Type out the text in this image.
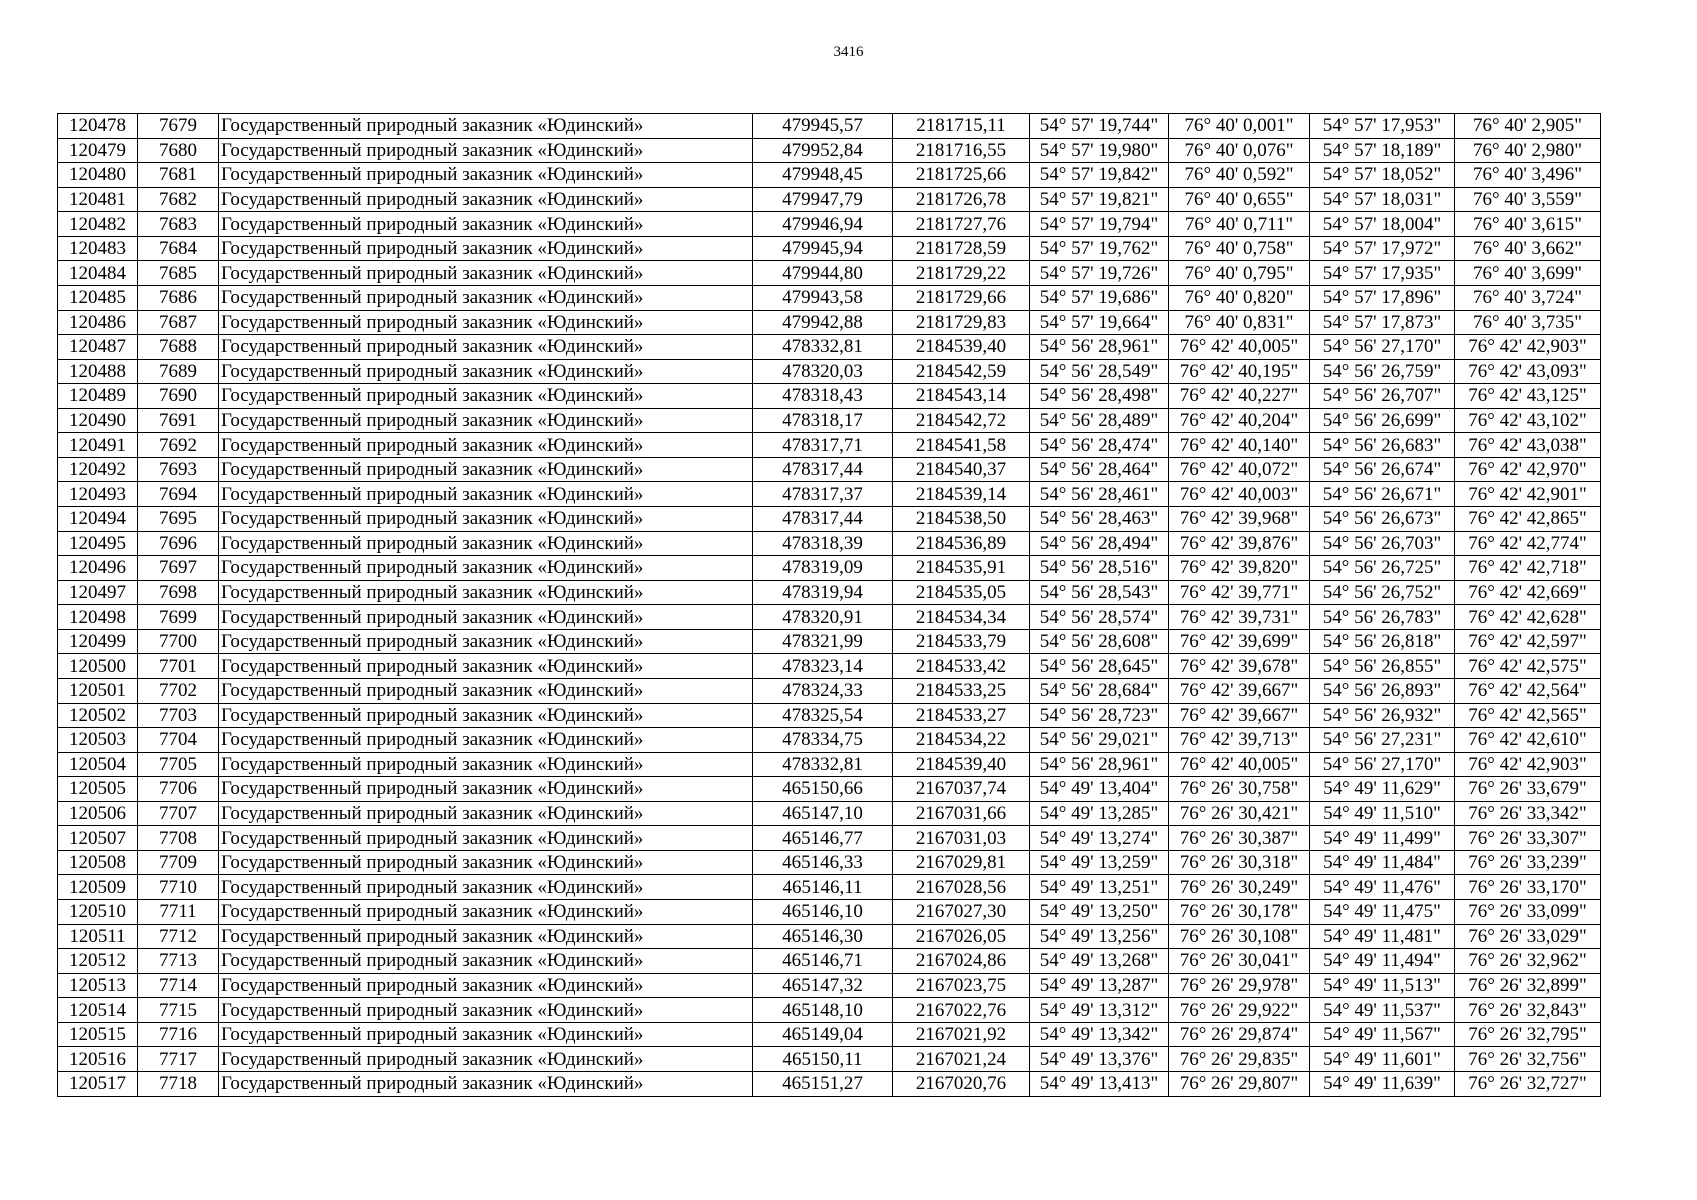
3416
120478	7679	Государственный природный заказник «Юдинский»	479945,57	2181715,11	54° 57' 19,744"	76° 40' 0,001"	54° 57' 17,953"	76° 40' 2,905"
120479	7680	Государственный природный заказник «Юдинский»	479952,84	2181716,55	54° 57' 19,980"	76° 40' 0,076"	54° 57' 18,189"	76° 40' 2,980"
120480	7681	Государственный природный заказник «Юдинский»	479948,45	2181725,66	54° 57' 19,842"	76° 40' 0,592"	54° 57' 18,052"	76° 40' 3,496"
120481	7682	Государственный природный заказник «Юдинский»	479947,79	2181726,78	54° 57' 19,821"	76° 40' 0,655"	54° 57' 18,031"	76° 40' 3,559"
120482	7683	Государственный природный заказник «Юдинский»	479946,94	2181727,76	54° 57' 19,794"	76° 40' 0,711"	54° 57' 18,004"	76° 40' 3,615"
120483	7684	Государственный природный заказник «Юдинский»	479945,94	2181728,59	54° 57' 19,762"	76° 40' 0,758"	54° 57' 17,972"	76° 40' 3,662"
120484	7685	Государственный природный заказник «Юдинский»	479944,80	2181729,22	54° 57' 19,726"	76° 40' 0,795"	54° 57' 17,935"	76° 40' 3,699"
120485	7686	Государственный природный заказник «Юдинский»	479943,58	2181729,66	54° 57' 19,686"	76° 40' 0,820"	54° 57' 17,896"	76° 40' 3,724"
120486	7687	Государственный природный заказник «Юдинский»	479942,88	2181729,83	54° 57' 19,664"	76° 40' 0,831"	54° 57' 17,873"	76° 40' 3,735"
120487	7688	Государственный природный заказник «Юдинский»	478332,81	2184539,40	54° 56' 28,961"	76° 42' 40,005"	54° 56' 27,170"	76° 42' 42,903"
120488	7689	Государственный природный заказник «Юдинский»	478320,03	2184542,59	54° 56' 28,549"	76° 42' 40,195"	54° 56' 26,759"	76° 42' 43,093"
120489	7690	Государственный природный заказник «Юдинский»	478318,43	2184543,14	54° 56' 28,498"	76° 42' 40,227"	54° 56' 26,707"	76° 42' 43,125"
120490	7691	Государственный природный заказник «Юдинский»	478318,17	2184542,72	54° 56' 28,489"	76° 42' 40,204"	54° 56' 26,699"	76° 42' 43,102"
120491	7692	Государственный природный заказник «Юдинский»	478317,71	2184541,58	54° 56' 28,474"	76° 42' 40,140"	54° 56' 26,683"	76° 42' 43,038"
120492	7693	Государственный природный заказник «Юдинский»	478317,44	2184540,37	54° 56' 28,464"	76° 42' 40,072"	54° 56' 26,674"	76° 42' 42,970"
120493	7694	Государственный природный заказник «Юдинский»	478317,37	2184539,14	54° 56' 28,461"	76° 42' 40,003"	54° 56' 26,671"	76° 42' 42,901"
120494	7695	Государственный природный заказник «Юдинский»	478317,44	2184538,50	54° 56' 28,463"	76° 42' 39,968"	54° 56' 26,673"	76° 42' 42,865"
120495	7696	Государственный природный заказник «Юдинский»	478318,39	2184536,89	54° 56' 28,494"	76° 42' 39,876"	54° 56' 26,703"	76° 42' 42,774"
120496	7697	Государственный природный заказник «Юдинский»	478319,09	2184535,91	54° 56' 28,516"	76° 42' 39,820"	54° 56' 26,725"	76° 42' 42,718"
120497	7698	Государственный природный заказник «Юдинский»	478319,94	2184535,05	54° 56' 28,543"	76° 42' 39,771"	54° 56' 26,752"	76° 42' 42,669"
120498	7699	Государственный природный заказник «Юдинский»	478320,91	2184534,34	54° 56' 28,574"	76° 42' 39,731"	54° 56' 26,783"	76° 42' 42,628"
120499	7700	Государственный природный заказник «Юдинский»	478321,99	2184533,79	54° 56' 28,608"	76° 42' 39,699"	54° 56' 26,818"	76° 42' 42,597"
120500	7701	Государственный природный заказник «Юдинский»	478323,14	2184533,42	54° 56' 28,645"	76° 42' 39,678"	54° 56' 26,855"	76° 42' 42,575"
120501	7702	Государственный природный заказник «Юдинский»	478324,33	2184533,25	54° 56' 28,684"	76° 42' 39,667"	54° 56' 26,893"	76° 42' 42,564"
120502	7703	Государственный природный заказник «Юдинский»	478325,54	2184533,27	54° 56' 28,723"	76° 42' 39,667"	54° 56' 26,932"	76° 42' 42,565"
120503	7704	Государственный природный заказник «Юдинский»	478334,75	2184534,22	54° 56' 29,021"	76° 42' 39,713"	54° 56' 27,231"	76° 42' 42,610"
120504	7705	Государственный природный заказник «Юдинский»	478332,81	2184539,40	54° 56' 28,961"	76° 42' 40,005"	54° 56' 27,170"	76° 42' 42,903"
120505	7706	Государственный природный заказник «Юдинский»	465150,66	2167037,74	54° 49' 13,404"	76° 26' 30,758"	54° 49' 11,629"	76° 26' 33,679"
120506	7707	Государственный природный заказник «Юдинский»	465147,10	2167031,66	54° 49' 13,285"	76° 26' 30,421"	54° 49' 11,510"	76° 26' 33,342"
120507	7708	Государственный природный заказник «Юдинский»	465146,77	2167031,03	54° 49' 13,274"	76° 26' 30,387"	54° 49' 11,499"	76° 26' 33,307"
120508	7709	Государственный природный заказник «Юдинский»	465146,33	2167029,81	54° 49' 13,259"	76° 26' 30,318"	54° 49' 11,484"	76° 26' 33,239"
120509	7710	Государственный природный заказник «Юдинский»	465146,11	2167028,56	54° 49' 13,251"	76° 26' 30,249"	54° 49' 11,476"	76° 26' 33,170"
120510	7711	Государственный природный заказник «Юдинский»	465146,10	2167027,30	54° 49' 13,250"	76° 26' 30,178"	54° 49' 11,475"	76° 26' 33,099"
120511	7712	Государственный природный заказник «Юдинский»	465146,30	2167026,05	54° 49' 13,256"	76° 26' 30,108"	54° 49' 11,481"	76° 26' 33,029"
120512	7713	Государственный природный заказник «Юдинский»	465146,71	2167024,86	54° 49' 13,268"	76° 26' 30,041"	54° 49' 11,494"	76° 26' 32,962"
120513	7714	Государственный природный заказник «Юдинский»	465147,32	2167023,75	54° 49' 13,287"	76° 26' 29,978"	54° 49' 11,513"	76° 26' 32,899"
120514	7715	Государственный природный заказник «Юдинский»	465148,10	2167022,76	54° 49' 13,312"	76° 26' 29,922"	54° 49' 11,537"	76° 26' 32,843"
120515	7716	Государственный природный заказник «Юдинский»	465149,04	2167021,92	54° 49' 13,342"	76° 26' 29,874"	54° 49' 11,567"	76° 26' 32,795"
120516	7717	Государственный природный заказник «Юдинский»	465150,11	2167021,24	54° 49' 13,376"	76° 26' 29,835"	54° 49' 11,601"	76° 26' 32,756"
120517	7718	Государственный природный заказник «Юдинский»	465151,27	2167020,76	54° 49' 13,413"	76° 26' 29,807"	54° 49' 11,639"	76° 26' 32,727"
